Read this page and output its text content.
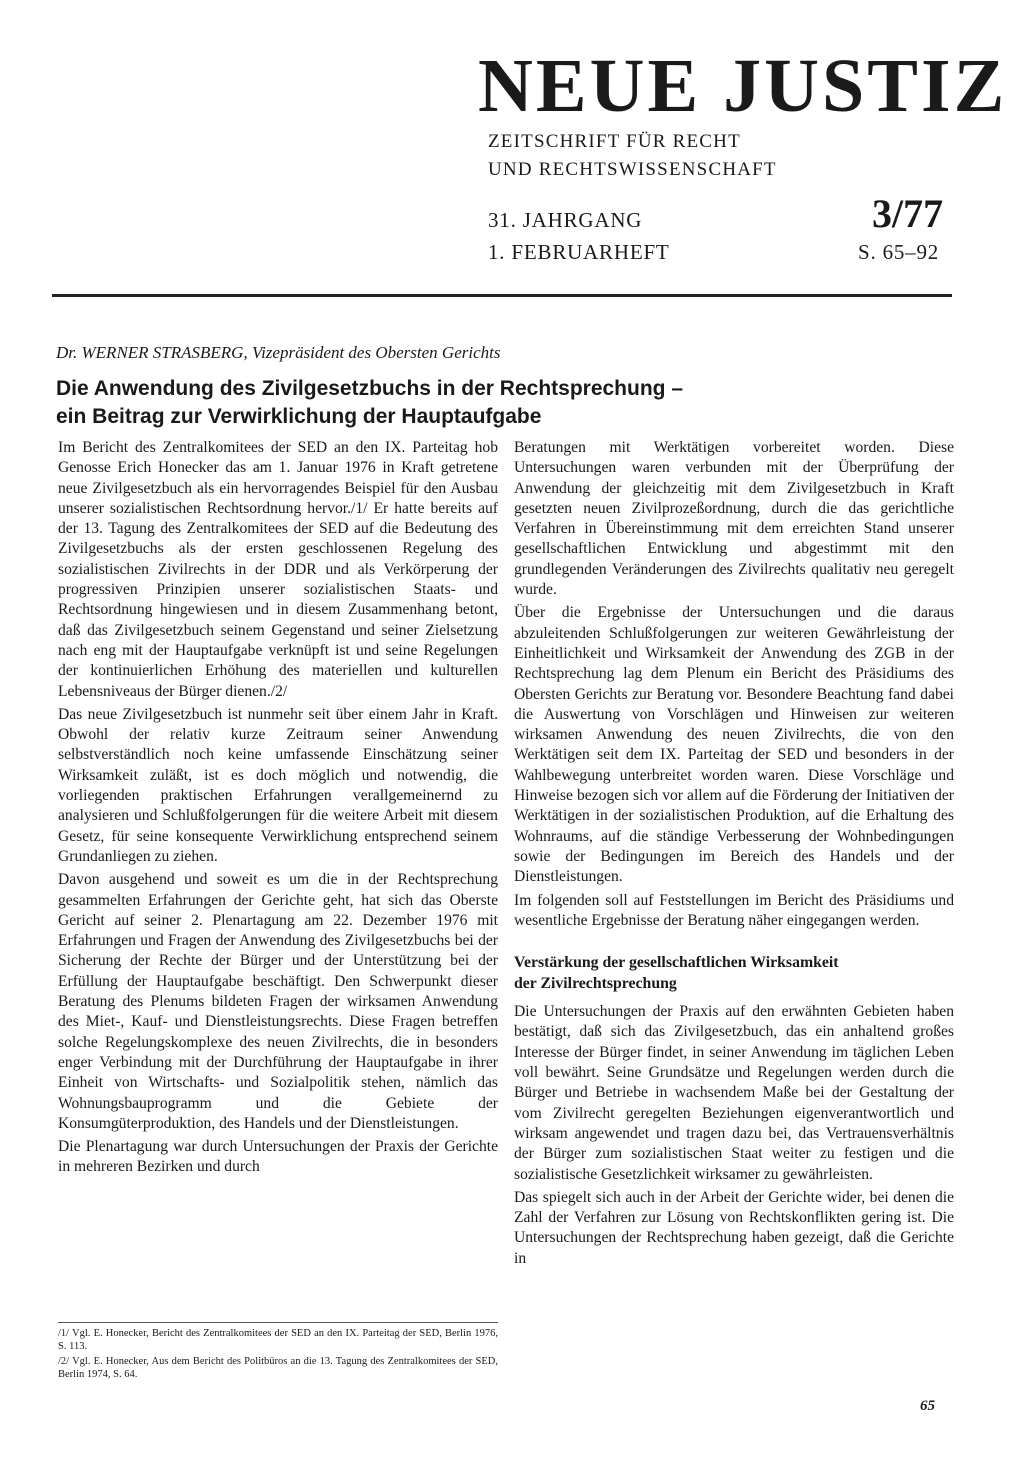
NEUE JUSTIZ
ZEITSCHRIFT FÜR RECHT
UND RECHTSWISSENSCHAFT
31. JAHRGANG
1. FEBRUARHEFT
3/77
S. 65–92
Dr. WERNER STRASBERG, Vizepräsident des Obersten Gerichts
Die Anwendung des Zivilgesetzbuchs in der Rechtsprechung –
ein Beitrag zur Verwirklichung der Hauptaufgabe

Im Bericht des Zentralkomitees der SED an den IX. Parteitag hob Genosse Erich Honecker das am 1. Januar 1976 in Kraft getretene neue Zivilgesetzbuch als ein hervorragendes Beispiel für den Ausbau unserer sozialistischen Rechtsordnung hervor./1/ Er hatte bereits auf der 13. Tagung des Zentralkomitees der SED auf die Bedeutung des Zivilgesetzbuchs als der ersten geschlossenen Regelung des sozialistischen Zivilrechts in der DDR und als Verkörperung der progressiven Prinzipien unserer sozialistischen Staats- und Rechtsordnung hingewiesen und in diesem Zusammenhang betont, daß das Zivilgesetzbuch seinem Gegenstand und seiner Zielsetzung nach eng mit der Hauptaufgabe verknüpft ist und seine Regelungen der kontinuierlichen Erhöhung des materiellen und kulturellen Lebensniveaus der Bürger dienen./2/

Das neue Zivilgesetzbuch ist nunmehr seit über einem Jahr in Kraft. Obwohl der relativ kurze Zeitraum seiner Anwendung selbstverständlich noch keine umfassende Einschätzung seiner Wirksamkeit zuläßt, ist es doch möglich und notwendig, die vorliegenden praktischen Erfahrungen verallgemeinernd zu analysieren und Schlußfolgerungen für die weitere Arbeit mit diesem Gesetz, für seine konsequente Verwirklichung entsprechend seinem Grundanliegen zu ziehen.

Davon ausgehend und soweit es um die in der Rechtsprechung gesammelten Erfahrungen der Gerichte geht, hat sich das Oberste Gericht auf seiner 2. Plenartagung am 22. Dezember 1976 mit Erfahrungen und Fragen der Anwendung des Zivilgesetzbuchs bei der Sicherung der Rechte der Bürger und der Unterstützung bei der Erfüllung der Hauptaufgabe beschäftigt. Den Schwerpunkt dieser Beratung des Plenums bildeten Fragen der wirksamen Anwendung des Miet-, Kauf- und Dienstleistungsrechts. Diese Fragen betreffen solche Regelungskomplexe des neuen Zivilrechts, die in besonders enger Verbindung mit der Durchführung der Hauptaufgabe in ihrer Einheit von Wirtschafts- und Sozialpolitik stehen, nämlich das Wohnungsbauprogramm und die Gebiete der Konsumgüterproduktion, des Handels und der Dienstleistungen.

Die Plenartagung war durch Untersuchungen der Praxis der Gerichte in mehreren Bezirken und durch

/1/ Vgl. E. Honecker, Bericht des Zentralkomitees der SED an den IX. Parteitag der SED, Berlin 1976, S. 113.

/2/ Vgl. E. Honecker, Aus dem Bericht des Politbüros an die 13. Tagung des Zentralkomitees der SED, Berlin 1974, S. 64.

Beratungen mit Werktätigen vorbereitet worden. Diese Untersuchungen waren verbunden mit der Überprüfung der Anwendung der gleichzeitig mit dem Zivilgesetzbuch in Kraft gesetzten neuen Zivilprozeßordnung, durch die das gerichtliche Verfahren in Übereinstimmung mit dem erreichten Stand unserer gesellschaftlichen Entwicklung und abgestimmt mit den grundlegenden Veränderungen des Zivilrechts qualitativ neu geregelt wurde.

Über die Ergebnisse der Untersuchungen und die daraus abzuleitenden Schlußfolgerungen zur weiteren Gewährleistung der Einheitlichkeit und Wirksamkeit der Anwendung des ZGB in der Rechtsprechung lag dem Plenum ein Bericht des Präsidiums des Obersten Gerichts zur Beratung vor. Besondere Beachtung fand dabei die Auswertung von Vorschlägen und Hinweisen zur weiteren wirksamen Anwendung des neuen Zivilrechts, die von den Werktätigen seit dem IX. Parteitag der SED und besonders in der Wahlbewegung unterbreitet worden waren. Diese Vorschläge und Hinweise bezogen sich vor allem auf die Förderung der Initiativen der Werktätigen in der sozialistischen Produktion, auf die Erhaltung des Wohnraums, auf die ständige Verbesserung der Wohnbedingungen sowie der Bedingungen im Bereich des Handels und der Dienstleistungen.

Im folgenden soll auf Feststellungen im Bericht des Präsidiums und wesentliche Ergebnisse der Beratung näher eingegangen werden.

Verstärkung der gesellschaftlichen Wirksamkeit
der Zivilrechtsprechung

Die Untersuchungen der Praxis auf den erwähnten Gebieten haben bestätigt, daß sich das Zivilgesetzbuch, das ein anhaltend großes Interesse der Bürger findet, in seiner Anwendung im täglichen Leben voll bewährt. Seine Grundsätze und Regelungen werden durch die Bürger und Betriebe in wachsendem Maße bei der Gestaltung der vom Zivilrecht geregelten Beziehungen eigenverantwortlich und wirksam angewendet und tragen dazu bei, das Vertrauensverhältnis der Bürger zum sozialistischen Staat weiter zu festigen und die sozialistische Gesetzlichkeit wirksamer zu gewährleisten.

Das spiegelt sich auch in der Arbeit der Gerichte wider, bei denen die Zahl der Verfahren zur Lösung von Rechtskonflikten gering ist. Die Untersuchungen der Rechtsprechung haben gezeigt, daß die Gerichte in

65
